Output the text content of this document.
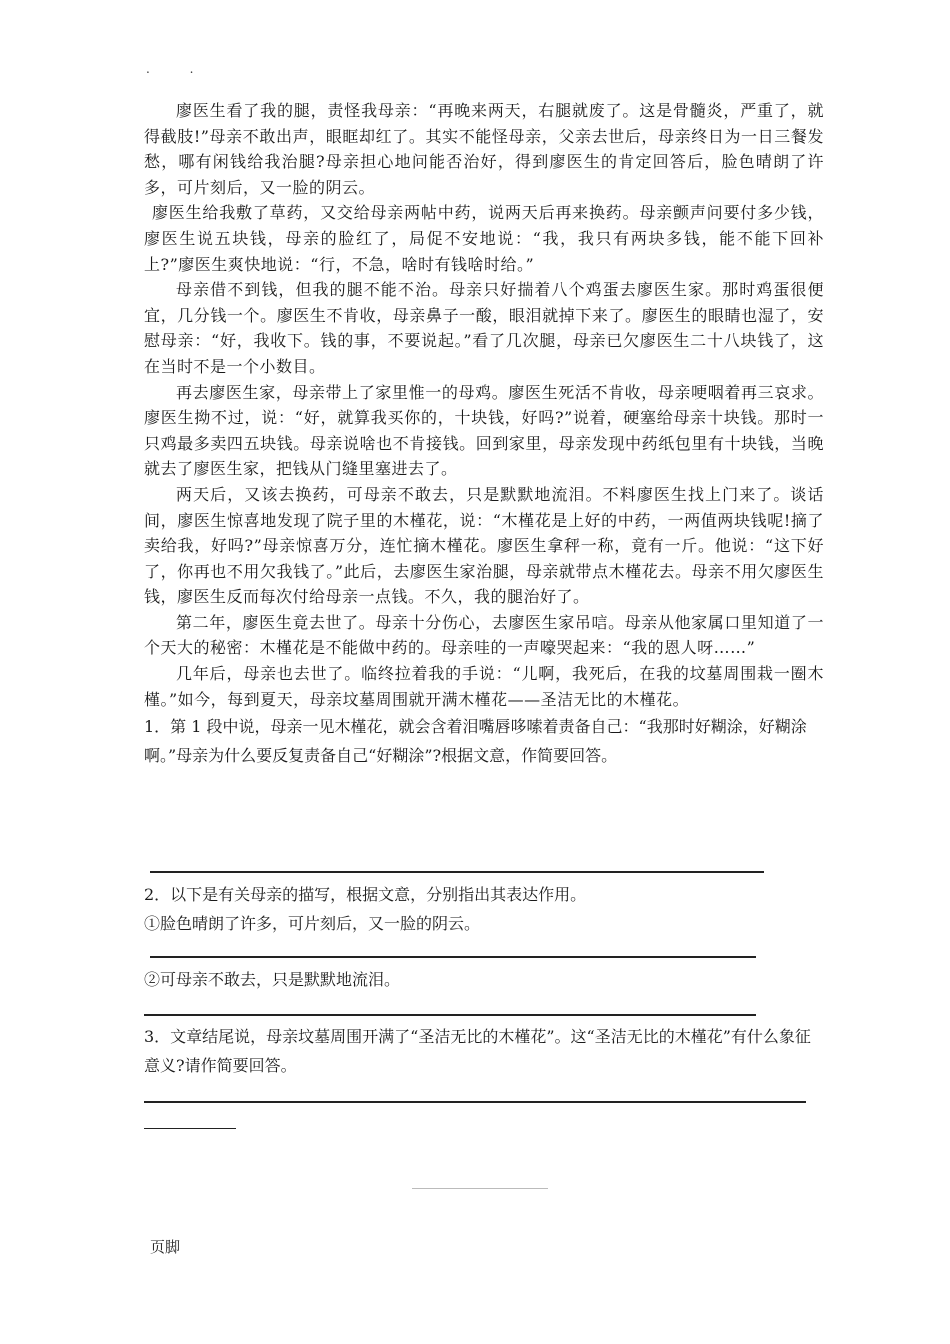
. .

廖医生看了我的腿，责怪我母亲：“再晚来两天，右腿就废了。这是骨髓炎，严重了，就得截肢!”母亲不敢出声，眼眶却红了。其实不能怪母亲，父亲去世后，母亲终日为一日三餐发愁，哪有闲钱给我治腿?母亲担心地问能否治好，得到廖医生的肯定回答后，脸色晴朗了许多，可片刻后，又一脸的阴云。

廖医生给我敷了草药，又交给母亲两帖中药，说两天后再来换药。母亲颤声问要付多少钱，廖医生说五块钱，母亲的脸红了，局促不安地说：“我，我只有两块多钱，能不能下回补上?”廖医生爽快地说：“行，不急，啥时有钱啥时给。”

母亲借不到钱，但我的腿不能不治。母亲只好揣着八个鸡蛋去廖医生家。那时鸡蛋很便宜，几分钱一个。廖医生不肯收，母亲鼻子一酸，眼泪就掉下来了。廖医生的眼睛也湿了，安慰母亲：“好，我收下。钱的事，不要说起。”看了几次腿，母亲已欠廖医生二十八块钱了，这在当时不是一个小数目。

再去廖医生家，母亲带上了家里惟一的母鸡。廖医生死活不肯收，母亲哽咽着再三哀求。廖医生拗不过，说：“好，就算我买你的，十块钱，好吗?”说着，硬塞给母亲十块钱。那时一只鸡最多卖四五块钱。母亲说啥也不肯接钱。回到家里，母亲发现中药纸包里有十块钱，当晚就去了廖医生家，把钱从门缝里塞进去了。

两天后，又该去换药，可母亲不敢去，只是默默地流泪。不料廖医生找上门来了。谈话间，廖医生惊喜地发现了院子里的木槿花，说：“木槿花是上好的中药，一两值两块钱呢!摘了卖给我，好吗?”母亲惊喜万分，连忙摘木槿花。廖医生拿秤一称，竟有一斤。他说：“这下好了，你再也不用欠我钱了。”此后，去廖医生家治腿，母亲就带点木槿花去。母亲不用欠廖医生钱，廖医生反而每次付给母亲一点钱。不久，我的腿治好了。

第二年，廖医生竟去世了。母亲十分伤心，去廖医生家吊唁。母亲从他家属口里知道了一个天大的秘密：木槿花是不能做中药的。母亲哇的一声嚎哭起来：“我的恩人呀……”

几年后，母亲也去世了。临终拉着我的手说：“儿啊，我死后，在我的坟墓周围栽一圈木槿。”如今，每到夏天，母亲坟墓周围就开满木槿花——圣洁无比的木槿花。

1．第 1 段中说，母亲一见木槿花，就会含着泪嘴唇哆嗦着责备自己：“我那时好糊涂，好糊涂啊。”母亲为什么要反复责备自己“好糊涂”?根据文意，作简要回答。

2．以下是有关母亲的描写，根据文意，分别指出其表达作用。

①脸色晴朗了许多，可片刻后，又一脸的阴云。

②可母亲不敢去，只是默默地流泪。

3．文章结尾说，母亲坟墓周围开满了“圣洁无比的木槿花”。这“圣洁无比的木槿花”有什么象征意义?请作简要回答。

例题精讲
页脚
